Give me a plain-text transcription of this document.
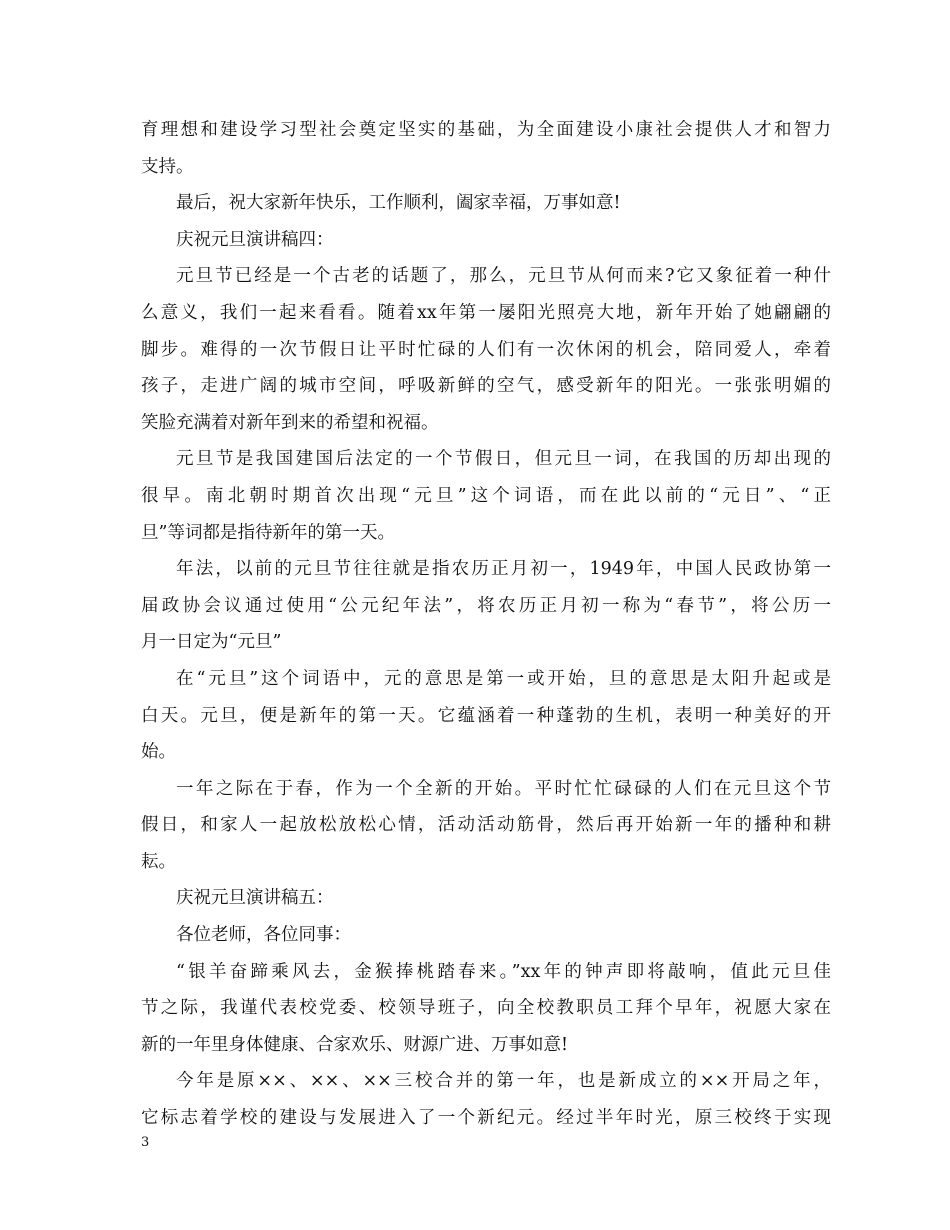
育理想和建设学习型社会奠定坚实的基础，为全面建设小康社会提供人才和智力
支持。
最后，祝大家新年快乐，工作顺利，阖家幸福，万事如意!
庆祝元旦演讲稿四：
元旦节已经是一个古老的话题了，那么，元旦节从何而来?它又象征着一种什
么意义，我们一起来看看。随着xx年第一屡阳光照亮大地，新年开始了她翩翩的
脚步。难得的一次节假日让平时忙碌的人们有一次休闲的机会，陪同爱人，牵着
孩子，走进广阔的城市空间，呼吸新鲜的空气，感受新年的阳光。一张张明媚的
笑脸充满着对新年到来的希望和祝福。
元旦节是我国建国后法定的一个节假日，但元旦一词，在我国的历却出现的
很早。南北朝时期首次出现“元旦”这个词语，而在此以前的“元日”、“正
旦”等词都是指待新年的第一天。
年法，以前的元旦节往往就是指农历正月初一，1949年，中国人民政协第一
届政协会议通过使用“公元纪年法”，将农历正月初一称为“春节”，将公历一
月一日定为“元旦”
在“元旦”这个词语中，元的意思是第一或开始，旦的意思是太阳升起或是
白天。元旦，便是新年的第一天。它蕴涵着一种蓬勃的生机，表明一种美好的开
始。
一年之际在于春，作为一个全新的开始。平时忙忙碌碌的人们在元旦这个节
假日，和家人一起放松放松心情，活动活动筋骨，然后再开始新一年的播种和耕
耘。
庆祝元旦演讲稿五：
各位老师，各位同事：
“银羊奋蹄乘风去，金猴捧桃踏春来。”xx年的钟声即将敲响，值此元旦佳
节之际，我谨代表校党委、校领导班子，向全校教职员工拜个早年，祝愿大家在
新的一年里身体健康、合家欢乐、财源广进、万事如意!
今年是原××、××、××三校合并的第一年，也是新成立的××开局之年，
它标志着学校的建设与发展进入了一个新纪元。经过半年时光，原三校终于实现
3
